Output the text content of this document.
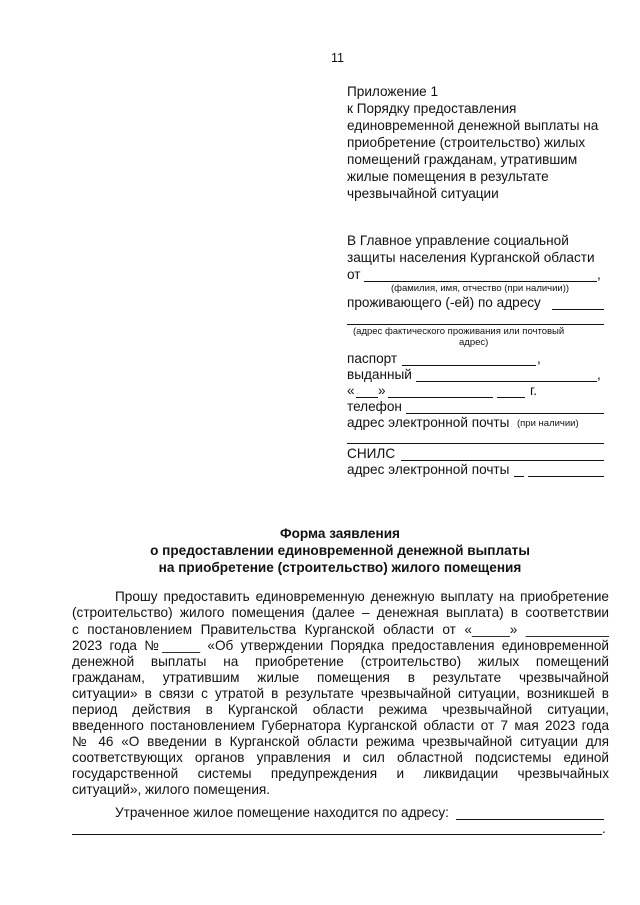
11
Приложение 1
к Порядку предоставления
единовременной денежной выплаты на
приобретение (строительство) жилых
помещений гражданам, утратившим
жилые помещения в результате
чрезвычайной ситуации
В Главное управление социальной
защиты населения Курганской области
от	,
(фамилия, имя, отчество (при наличии))
проживающего (-ей) по адресу
(адрес фактического проживания или почтовый
адрес)
паспорт	,
выданный	,
« »	г.
телефон
адрес электронной почты (при наличии)
СНИЛС
адрес электронной почты
Форма заявления
о предоставлении единовременной денежной выплаты
на приобретение (строительство) жилого помещения
Прошу предоставить единовременную денежную выплату на приобретение
(строительство) жилого помещения (далее – денежная выплата) в соответствии
с постановлением Правительства Курганской области от «_____» ___________
2023 года №_____ «Об утверждении Порядка предоставления единовременной
денежной выплаты на приобретение (строительство) жилых помещений
гражданам, утратившим жилые помещения в результате чрезвычайной
ситуации» в связи с утратой в результате чрезвычайной ситуации, возникшей в
период действия в Курганской области режима чрезвычайной ситуации,
введенного постановлением Губернатора Курганской области от 7 мая 2023 года
№ 46 «О введении в Курганской области режима чрезвычайной ситуации для
соответствующих органов управления и сил областной подсистемы единой
государственной системы предупреждения и ликвидации чрезвычайных
ситуаций», жилого помещения.
Утраченное жилое помещение находится по адресу:
.
